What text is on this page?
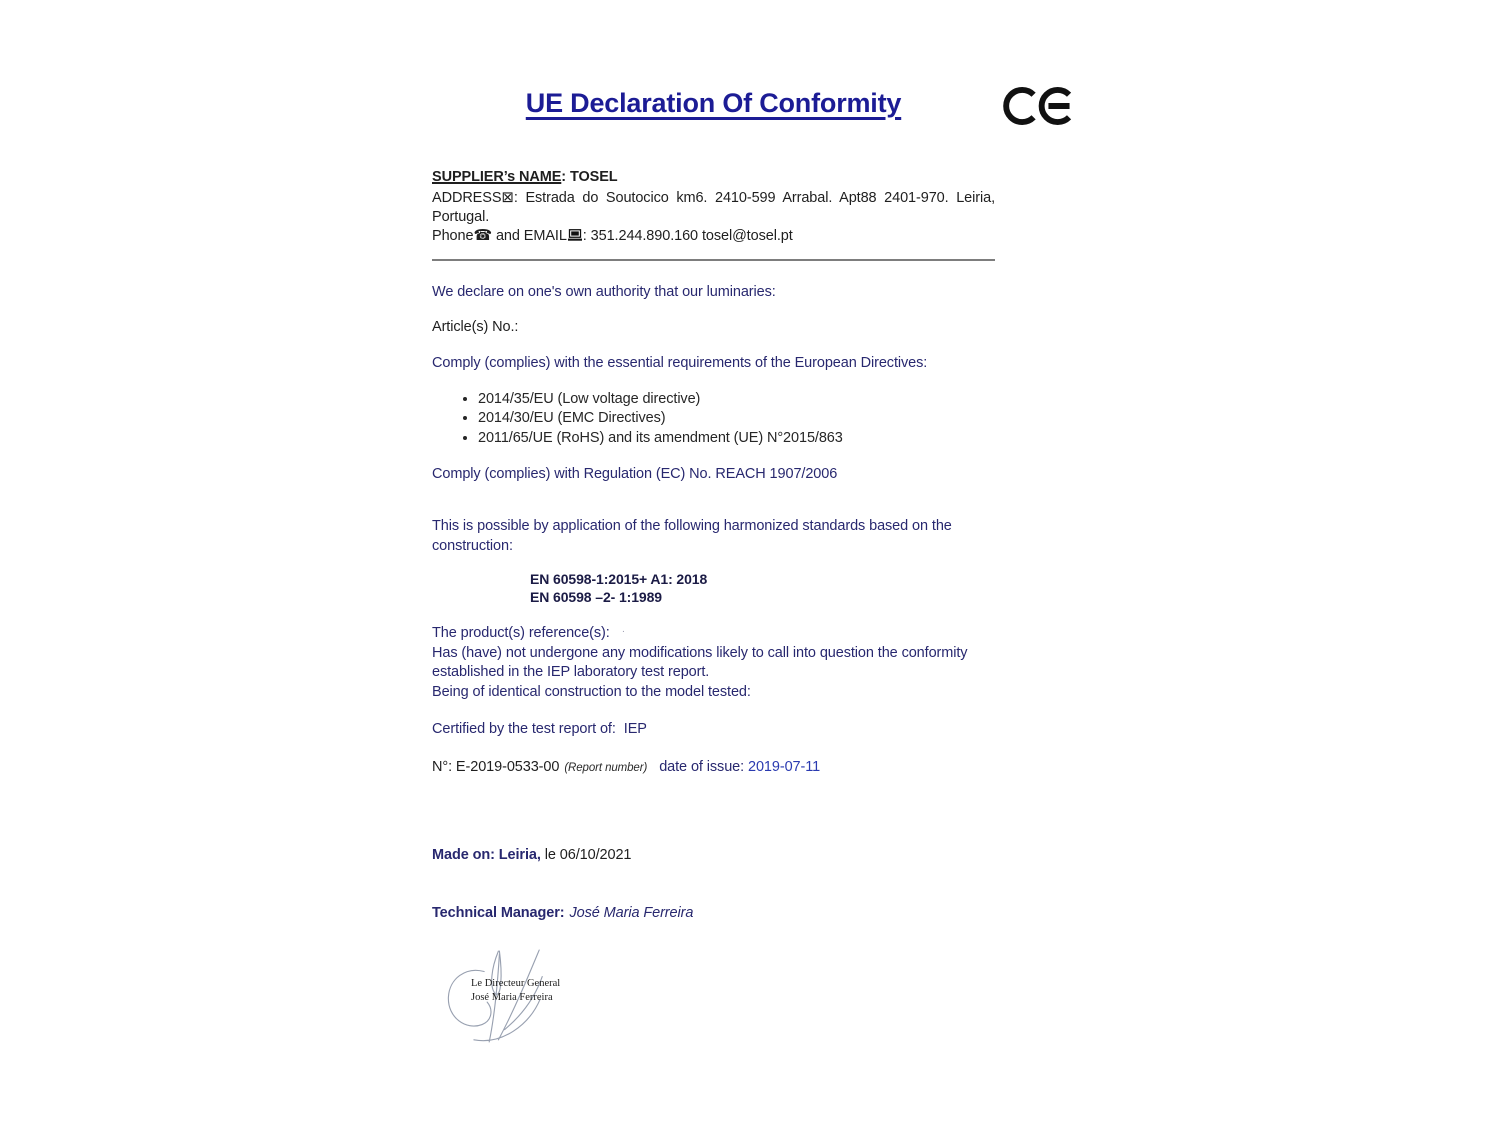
UE Declaration Of Conformity
SUPPLIER’s NAME: TOSEL
ADDRESS⊠: Estrada do Soutocico km6. 2410-599 Arrabal. Apt88 2401-970. Leiria,
Portugal.
Phone☎ and EMAIL : 351.244.890.160 tosel@tosel.pt
We declare on one's own authority that our luminaries:
Article(s) No.:
Comply (complies) with the essential requirements of the European Directives:
• 2014/35/EU (Low voltage directive)
• 2014/30/EU (EMC Directives)
• 2011/65/UE (RoHS) and its amendment (UE) N°2015/863
Comply (complies) with Regulation (EC) No. REACH 1907/2006
This is possible by application of the following harmonized standards based on the
construction:
EN 60598-1:2015+ A1: 2018
EN 60598 –2- 1:1989
The product(s) reference(s): ·
Has (have) not undergone any modifications likely to call into question the conformity
established in the IEP laboratory test report.
Being of identical construction to the model tested:
Certified by the test report of: IEP
N°: E-2019-0533-00 (Report number) date of issue: 2019-07-11
Made on: Leiria, le 06/10/2021
Technical Manager: José Maria Ferreira
Le Directeur General
José Maria Ferreira
